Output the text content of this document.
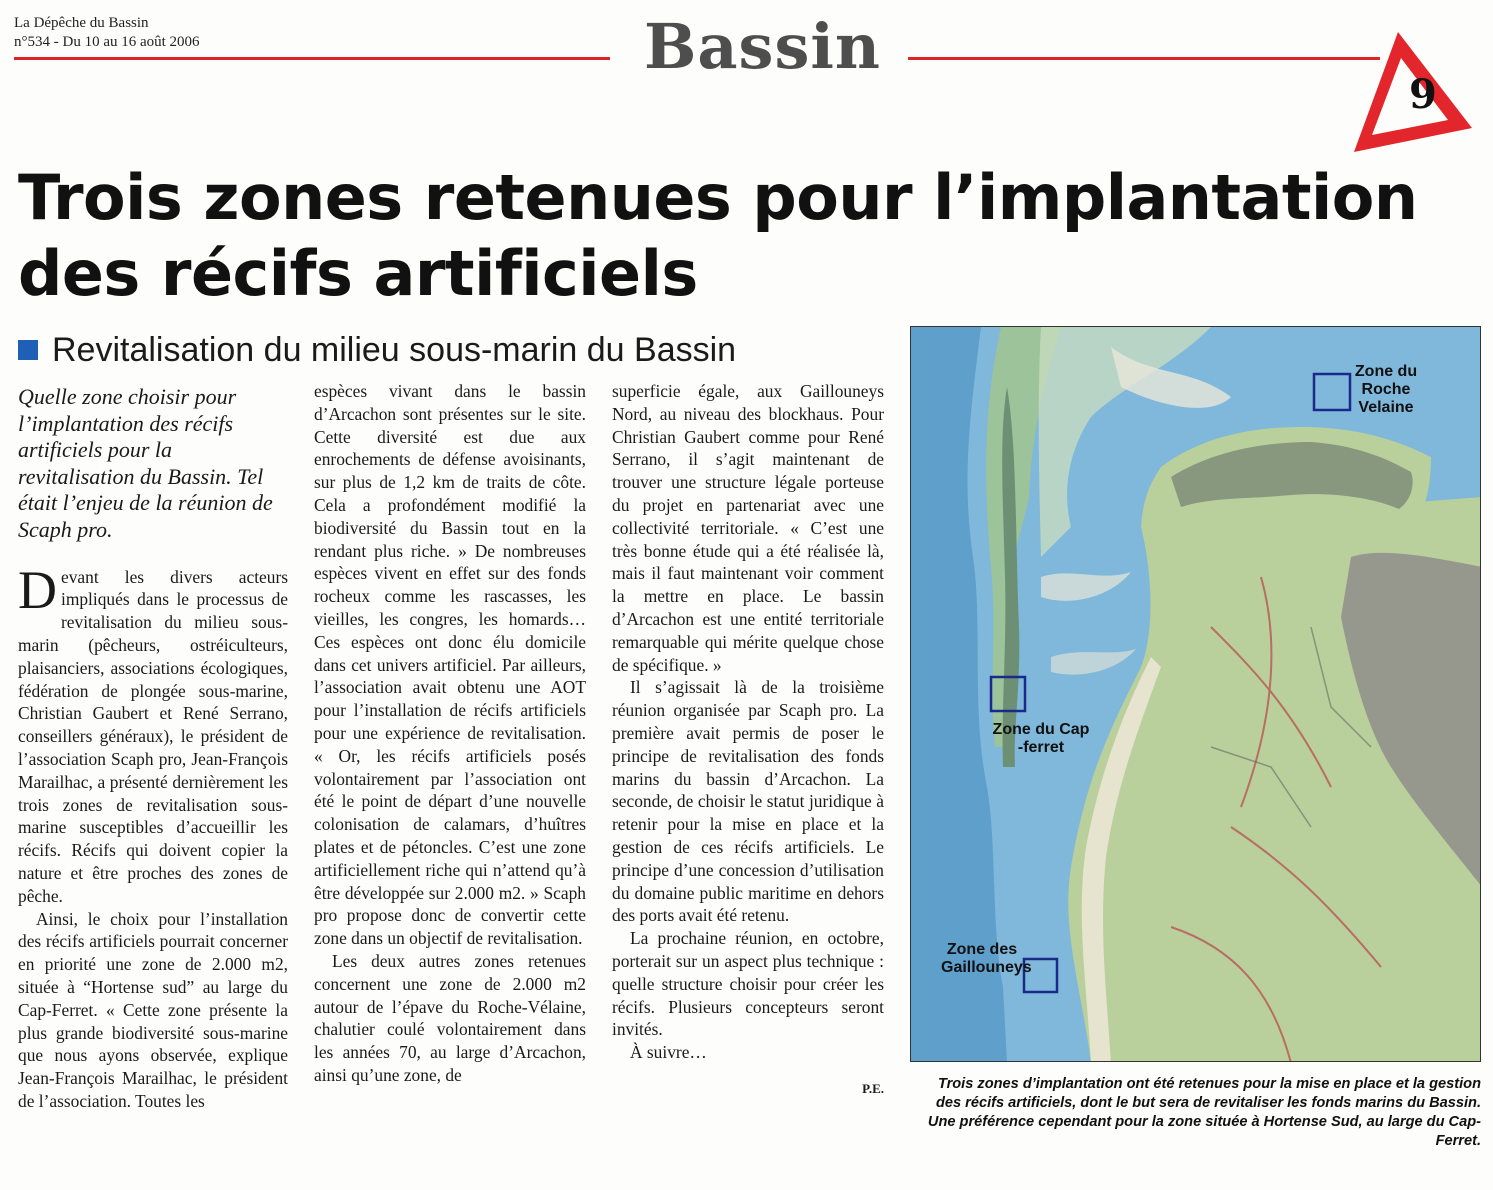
La Dépêche du Bassin
n°534 - Du 10 au 16 août 2006	Bassin
9
Trois zones retenues pour l’implantation
des récifs artificiels
Revitalisation du milieu sous-marin du Bassin
Quelle zone choisir pour l’implantation des récifs artificiels pour la revitalisation du Bassin. Tel était l’enjeu de la réunion de Scaph pro.

Devant les divers acteurs impliqués dans le processus de revitalisation du milieu sous-marin (pêcheurs, ostréiculteurs, plaisanciers, associations écologiques, fédération de plongée sous-marine, Christian Gaubert et René Serrano, conseillers généraux), le président de l’association Scaph pro, Jean-François Marailhac, a présenté dernièrement les trois zones de revitalisation sous-marine susceptibles d’accueillir les récifs. Récifs qui doivent copier la nature et être proches des zones de pêche.

Ainsi, le choix pour l’installation des récifs artificiels pourrait concerner en priorité une zone de 2.000 m2, située à “Hortense sud” au large du Cap-Ferret. « Cette zone présente la plus grande biodiversité sous-marine que nous ayons observée, explique Jean-François Marailhac, le président de l’association. Toutes les

espèces vivant dans le bassin d’Arcachon sont présentes sur le site. Cette diversité est due aux enrochements de défense avoisinants, sur plus de 1,2 km de traits de côte. Cela a profondément modifié la biodiversité du Bassin tout en la rendant plus riche. » De nombreuses espèces vivent en effet sur des fonds rocheux comme les rascasses, les vieilles, les congres, les homards… Ces espèces ont donc élu domicile dans cet univers artificiel. Par ailleurs, l’association avait obtenu une AOT pour l’installation de récifs artificiels pour une expérience de revitalisation. « Or, les récifs artificiels posés volontairement par l’association ont été le point de départ d’une nouvelle colonisation de calamars, d’huîtres plates et de pétoncles. C’est une zone artificiellement riche qui n’attend qu’à être développée sur 2.000 m2. » Scaph pro propose donc de convertir cette zone dans un objectif de revitalisation.

Les deux autres zones retenues concernent une zone de 2.000 m2 autour de l’épave du Roche-Vélaine, chalutier coulé volontairement dans les années 70, au large d’Arcachon, ainsi qu’une zone, de

superficie égale, aux Gaillouneys Nord, au niveau des blockhaus. Pour Christian Gaubert comme pour René Serrano, il s’agit maintenant de trouver une structure légale porteuse du projet en partenariat avec une collectivité territoriale. « C’est une très bonne étude qui a été réalisée là, mais il faut maintenant voir comment la mettre en place. Le bassin d’Arcachon est une entité territoriale remarquable qui mérite quelque chose de spécifique. »

Il s’agissait là de la troisième réunion organisée par Scaph pro. La première avait permis de poser le principe de revitalisation des fonds marins du bassin d’Arcachon. La seconde, de choisir le statut juridique à retenir pour la mise en place et la gestion de ces récifs artificiels. Le principe d’une concession d’utilisation du domaine public maritime en dehors des ports avait été retenu.

La prochaine réunion, en octobre, porterait sur un aspect plus technique : quelle structure choisir pour créer les récifs. Plusieurs concepteurs seront invités.

À suivre…

P.E.
Zone du Roche Velaine
Zone du Cap -ferret
Zone des Gaillouneys
Trois zones d’implantation ont été retenues pour la mise en place et la gestion des récifs artificiels, dont le but sera de revitaliser les fonds marins du Bassin. Une préférence cependant pour la zone située à Hortense Sud, au large du Cap-Ferret.
